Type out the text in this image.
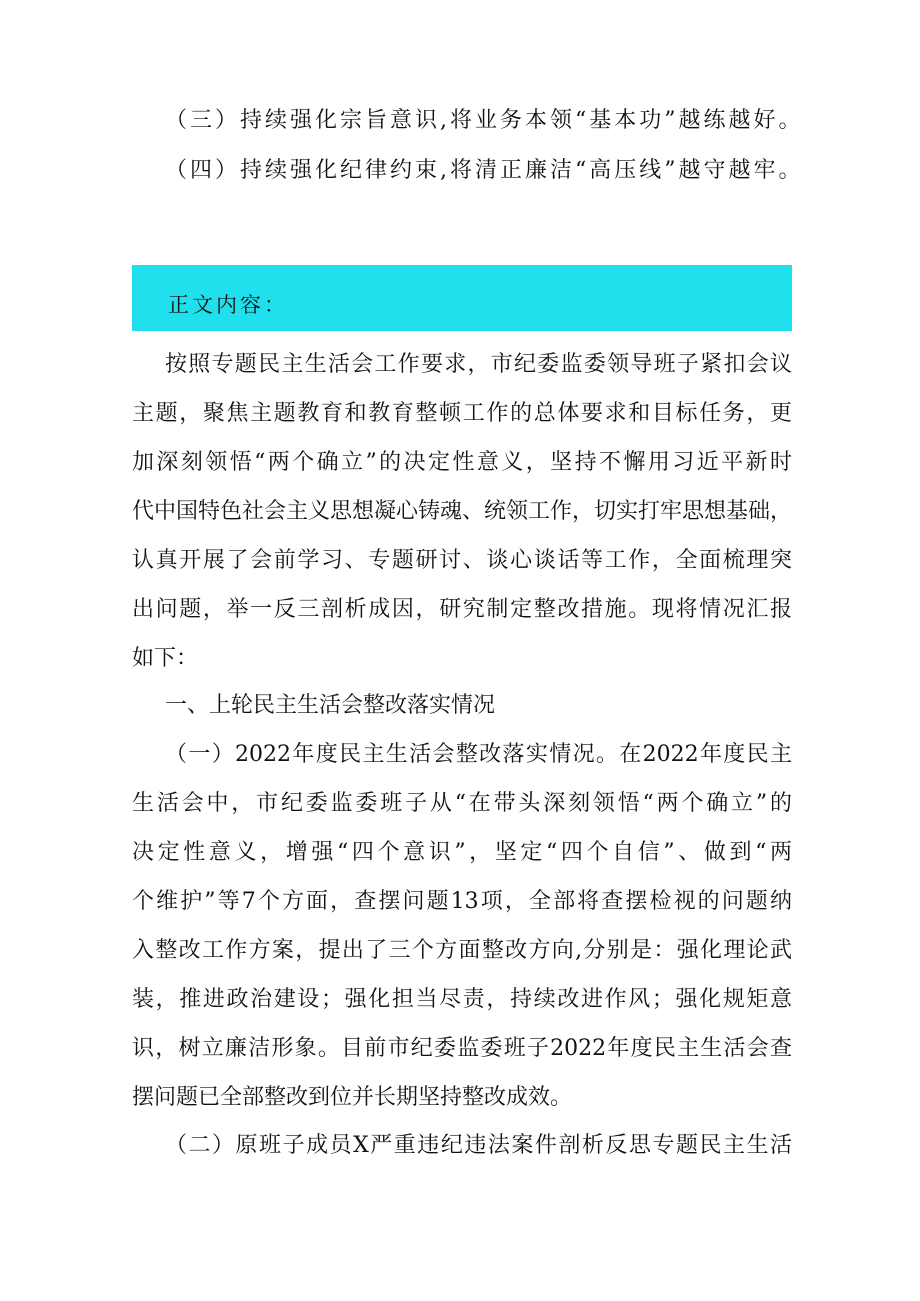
（三）持续强化宗旨意识,将业务本领“基本功”越练越好。
（四）持续强化纪律约束,将清正廉洁“高压线”越守越牢。
正文内容：
按照专题民主生活会工作要求，市纪委监委领导班子紧扣会议
主题，聚焦主题教育和教育整顿工作的总体要求和目标任务，更
加深刻领悟“两个确立”的决定性意义，坚持不懈用习近平新时
代中国特色社会主义思想凝心铸魂、统领工作，切实打牢思想基础，
认真开展了会前学习、专题研讨、谈心谈话等工作，全面梳理突
出问题，举一反三剖析成因，研究制定整改措施。现将情况汇报
如下：
一、上轮民主生活会整改落实情况
（一）2022年度民主生活会整改落实情况。在2022年度民主
生活会中，市纪委监委班子从“在带头深刻领悟“两个确立”的
决定性意义，增强“四个意识”，坚定“四个自信”、做到“两
个维护”等7个方面，查摆问题13项，全部将查摆检视的问题纳
入整改工作方案，提出了三个方面整改方向,分别是：强化理论武
装，推进政治建设；强化担当尽责，持续改进作风；强化规矩意
识，树立廉洁形象。目前市纪委监委班子2022年度民主生活会查
摆问题已全部整改到位并长期坚持整改成效。
（二）原班子成员X严重违纪违法案件剖析反思专题民主生活
